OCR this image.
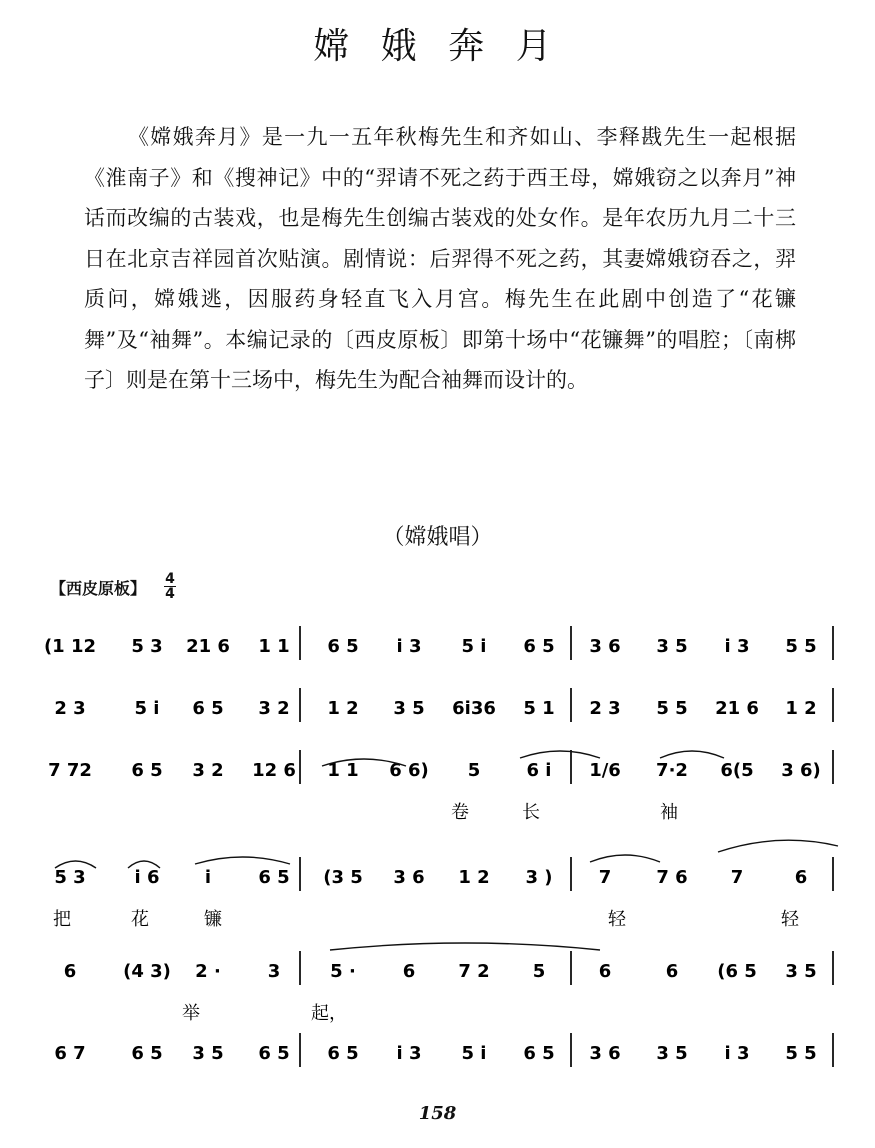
嫦 娥 奔 月

《嫦娥奔月》是一九一五年秋梅先生和齐如山、李释戡先生一起根据《淮南子》和《搜神记》中的“羿请不死之药于西王母，嫦娥窃之以奔月”神话而改编的古装戏，也是梅先生创编古装戏的处女作。是年农历九月二十三日在北京吉祥园首次贴演。剧情说：后羿得不死之药，其妻嫦娥窃吞之，羿质问，嫦娥逃，因服药身轻直飞入月宫。梅先生在此剧中创造了“花镰舞”及“袖舞”。本编记录的〔西皮原板〕即第十场中“花镰舞”的唱腔；〔南梆子〕则是在第十三场中，梅先生为配合袖舞而设计的。

（嫦娥唱）
【西皮原板】 4
4
(1 12 5 3 21 6 1 1 6 5 i 3 5 i 6 5 3 6 3 5 i 3 5 5
2 3	5 i 6 5 3 2 1 2 3 5 6i36 5 1 2 3 5 5 21 6 1 2
7 72 6 5 3 2 12 6 1 1 6 6) 5	6 i 1/6 7·2 6(5 3 6)
卷	长	袖
5 3	i 6	i	6 5 (3 5 3 6 1 2 3 )	7	7 6 7	6
把	花	镰	轻	轻
6	(4 3) 2 ·	3	5 ·	6 7 2 5	6	6 (6 5 3 5
举	起，
6 7	6 5 3 5 6 5 6 5 i 3 5 i 6 5 3 6 3 5 i 3 5 5
158
